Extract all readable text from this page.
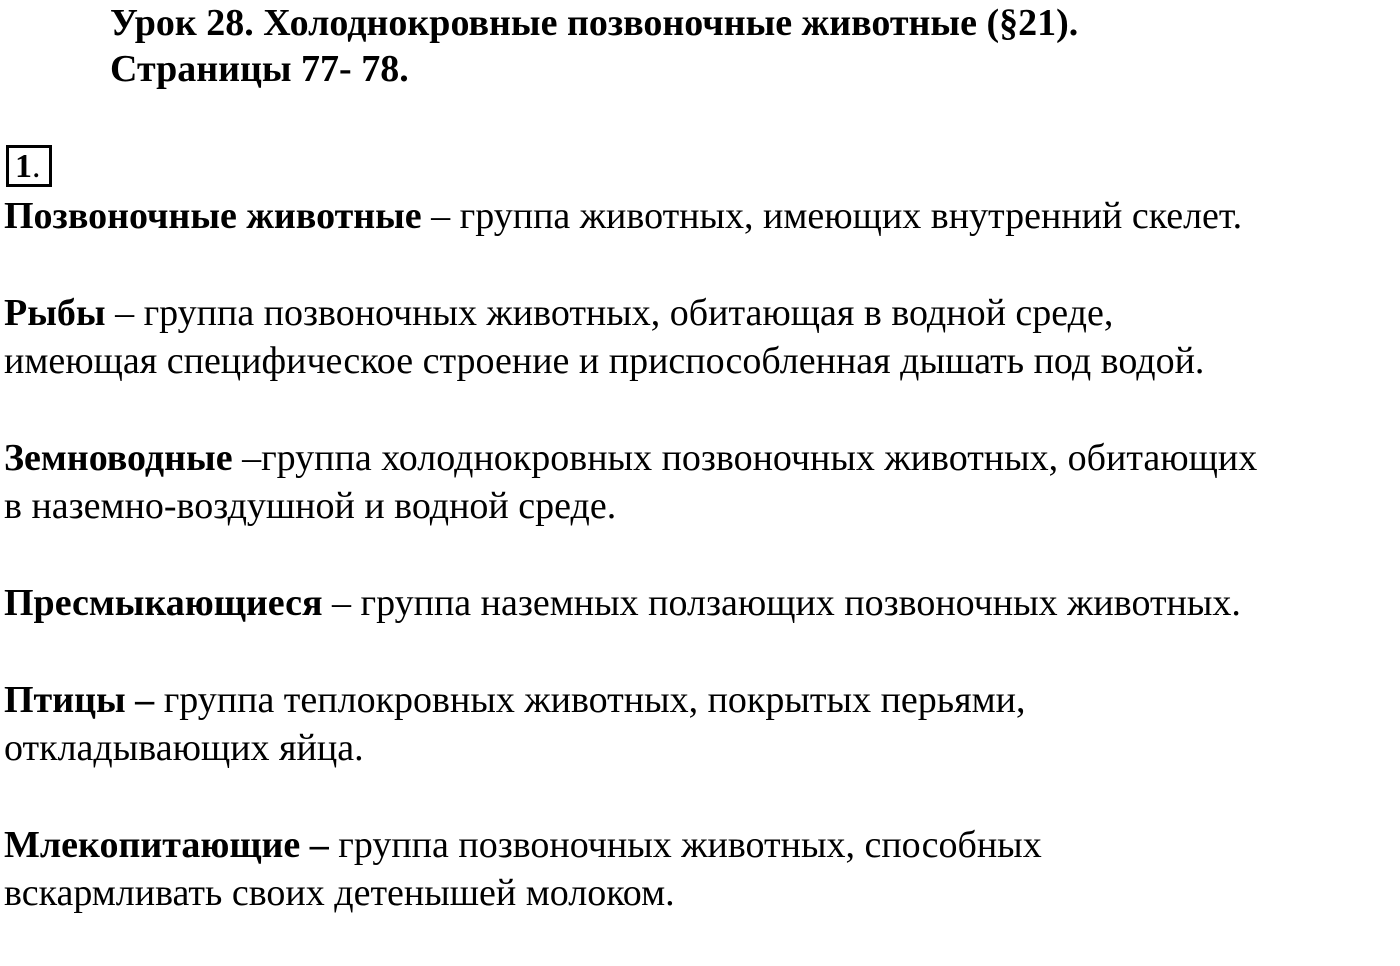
Урок 28. Холоднокровные позвоночные животные (§21).
Страницы 77- 78.
1.

Позвоночные животные – группа животных, имеющих внутренний скелет.

Рыбы – группа позвоночных животных, обитающая в водной среде,
имеющая специфическое строение и приспособленная дышать под водой.

Земноводные –группа холоднокровных позвоночных животных, обитающих
в наземно-воздушной и водной среде.

Пресмыкающиеся – группа наземных ползающих позвоночных животных.

Птицы – группа теплокровных животных, покрытых перьями,
откладывающих яйца.

Млекопитающие – группа позвоночных животных, способных
вскармливать своих детенышей молоком.
